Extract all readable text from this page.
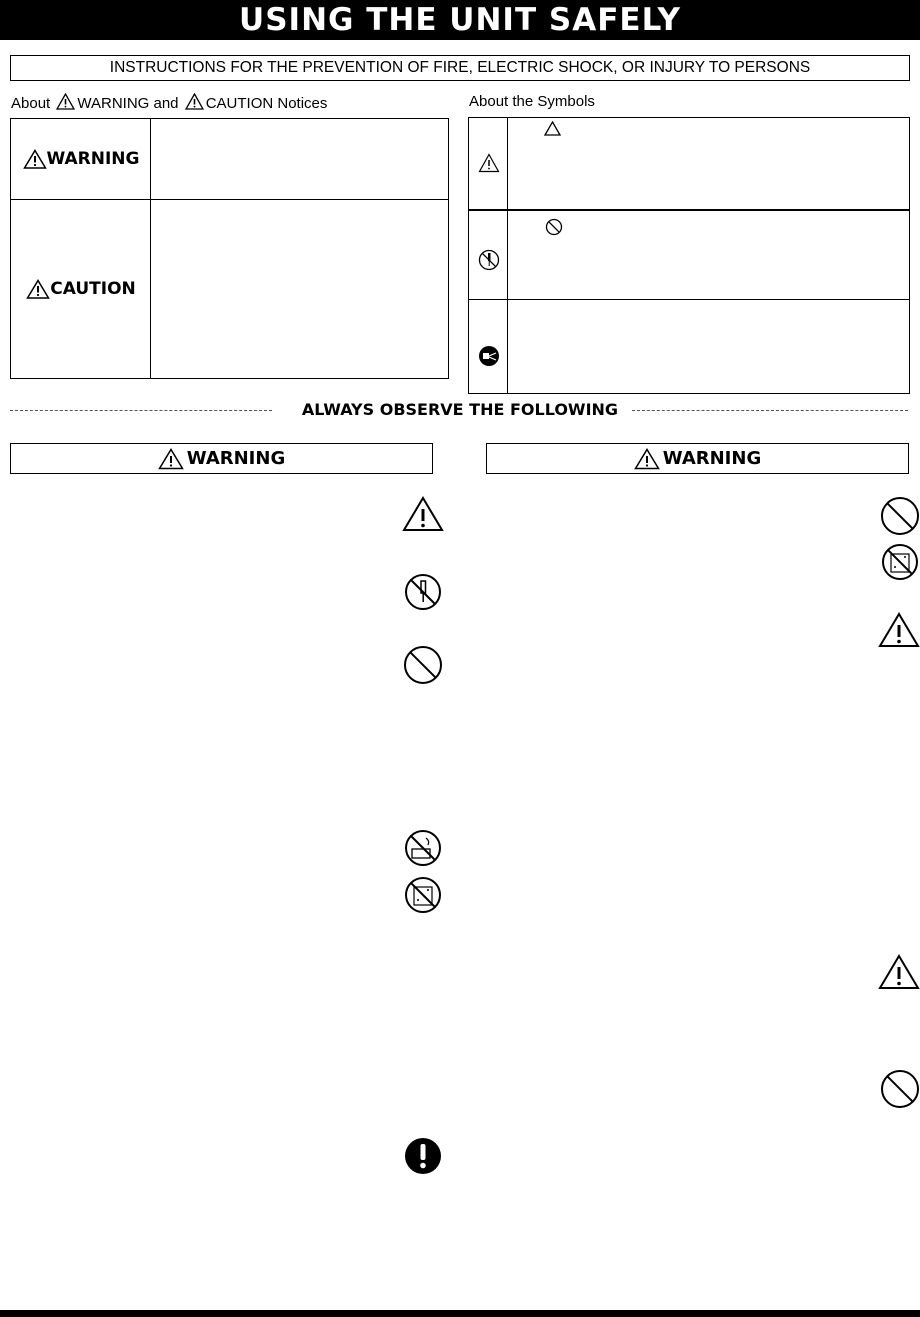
USING THE UNIT SAFELY
INSTRUCTIONS FOR THE PREVENTION OF FIRE, ELECTRIC SHOCK, OR INJURY TO PERSONS
About WARNING and CAUTION Notices	About the Symbols
WARNING
CAUTION
ALWAYS OBSERVE THE FOLLOWING
WARNING	WARNING
